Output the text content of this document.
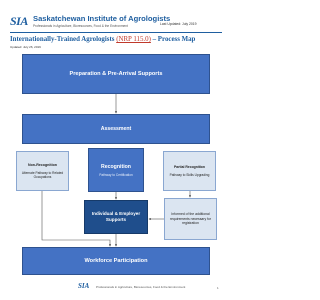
SIA Saskatchewan Institute of Agrologists
Professionals in Agriculture, Bioresources, Food & the Environment	Last Updated: July 2019
Internationally-Trained Agrologists (NRP 115.0) – Process Map
Updated: July 26, 2019
Preparation & Pre-Arrival Supports
Assessment
Non-Recognition
Alternate Pathway to Related Occupations
Recognition
Pathway to Certification
Partial Recognition
Pathway to Skills Upgrading
Individual & Employer Supports
Informed of the additional requirements necessary for registration
Workforce Participation
SIA Professionals in Agriculture, Bioresources, Food & the Environment	1
